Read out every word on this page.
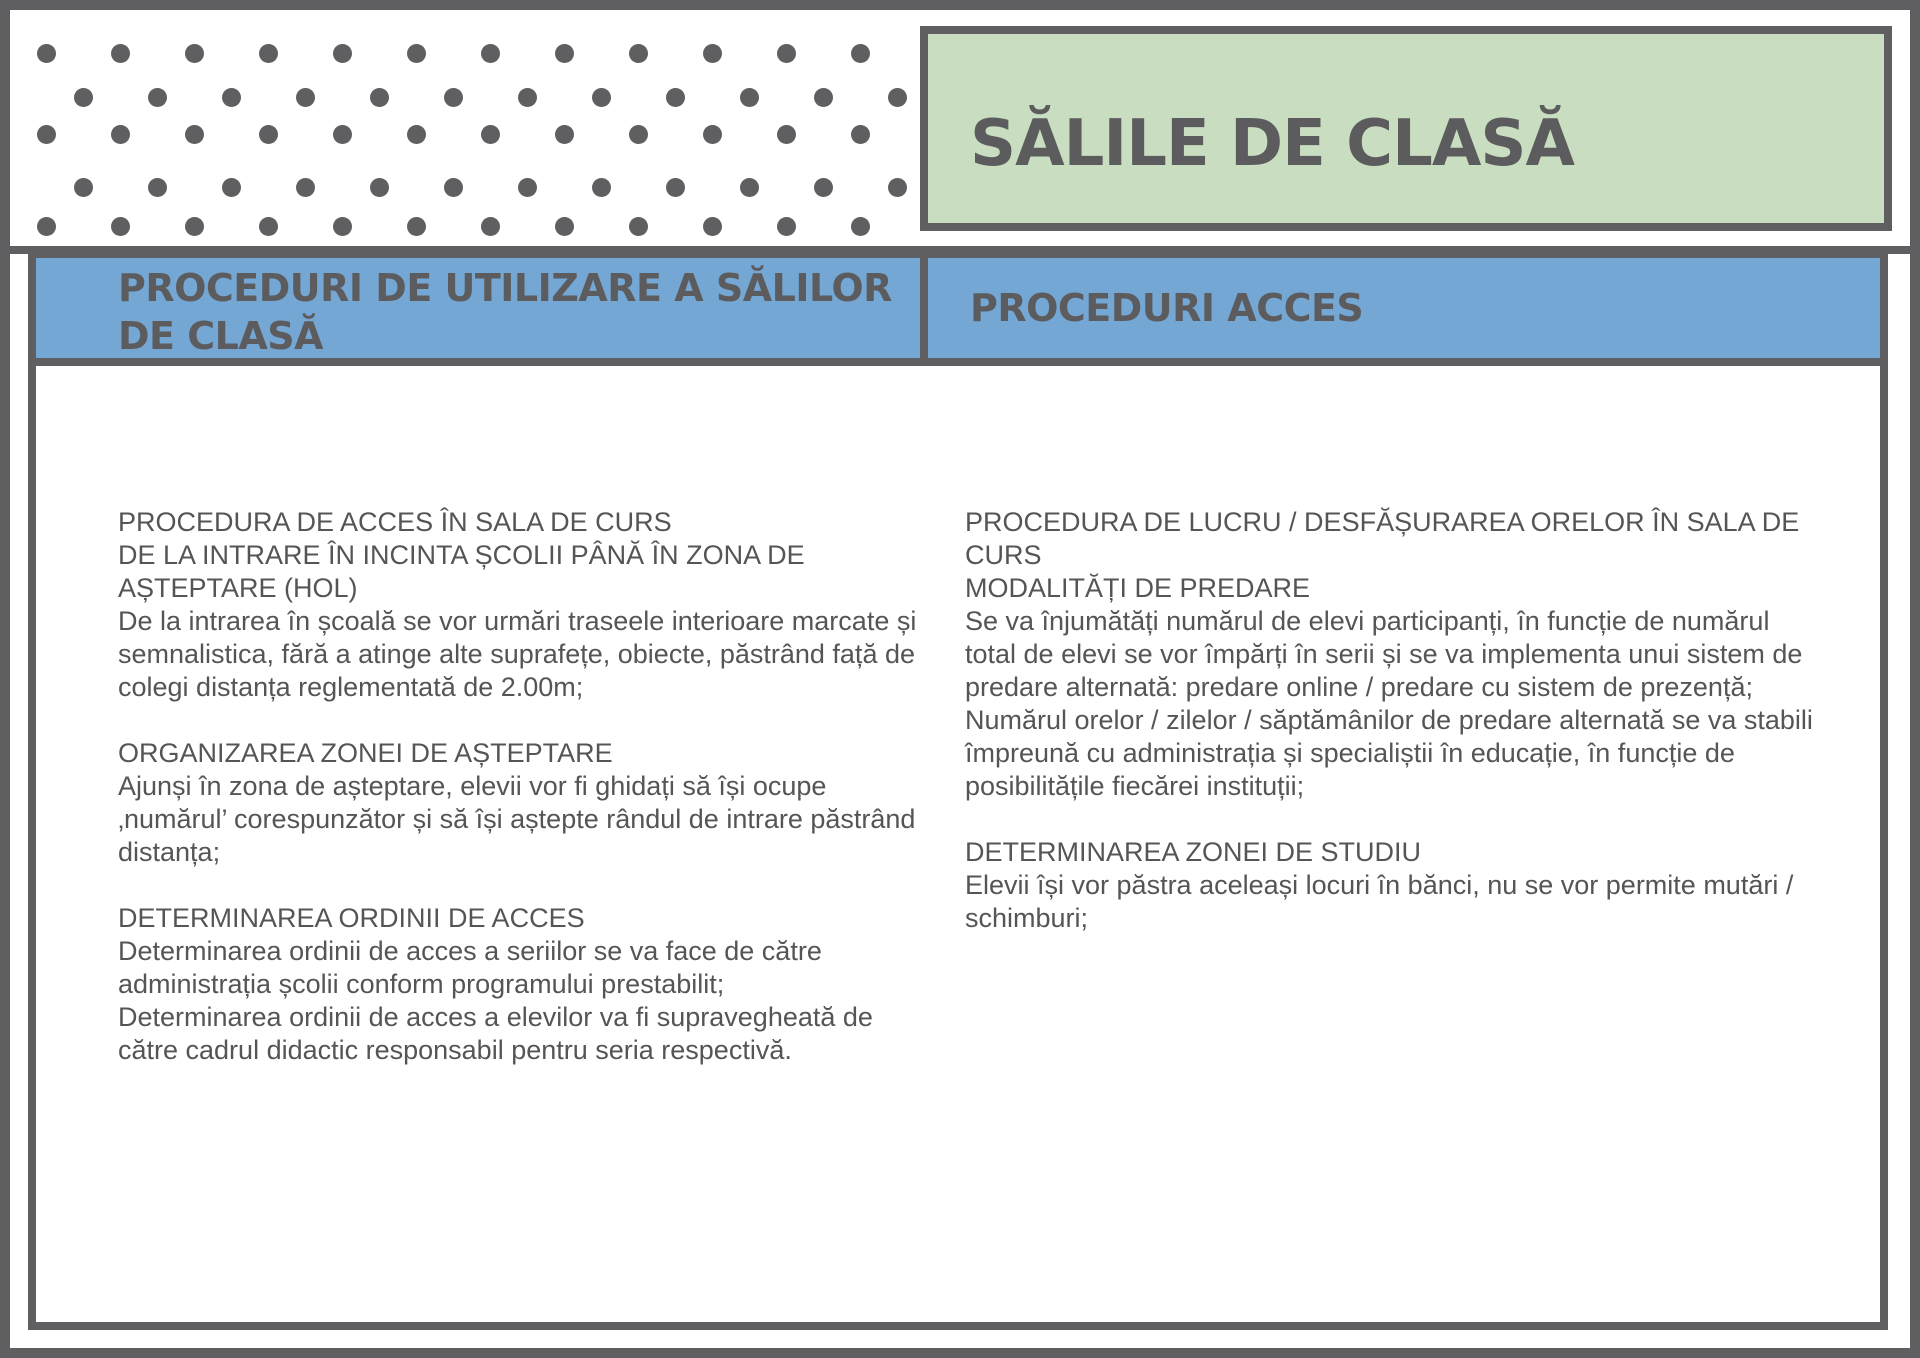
SĂLILE DE CLASĂ
PROCEDURI DE UTILIZARE A SĂLILOR DE CLASĂ
PROCEDURI ACCES
PROCEDURA DE ACCES ÎN SALA DE CURS
DE LA INTRARE ÎN INCINTA ȘCOLII PÂNĂ ÎN ZONA DE AȘTEPTARE (HOL)

De la intrarea în școală se vor urmări traseele interioare marcate și semnalistica, fără a atinge alte suprafețe, obiecte, păstrând față de colegi distanța reglementată de 2.00m;

ORGANIZAREA ZONEI DE AȘTEPTARE

Ajunși în zona de așteptare, elevii vor fi ghidați să își ocupe ‚numărul’ corespunzător și să își aștepte rândul de intrare păstrând distanța;

DETERMINAREA ORDINII DE ACCES

Determinarea ordinii de acces a seriilor se va face de către administrația școlii conform programului prestabilit;

Determinarea ordinii de acces a elevilor va fi supravegheată de către cadrul didactic responsabil pentru seria respectivă.

PROCEDURA DE LUCRU / DESFĂȘURAREA ORELOR ÎN SALA DE CURS
MODALITĂȚI DE PREDARE

Se va înjumătăți numărul de elevi participanți, în funcție de numărul total de elevi se vor împărți în serii și se va implementa unui sistem de predare alternată: predare online / predare cu sistem de prezență;

Numărul orelor / zilelor / săptămânilor de predare alternată se va stabili împreună cu administrația și specialiștii în educație, în funcție de posibilitățile fiecărei instituții;

DETERMINAREA ZONEI DE STUDIU

Elevii își vor păstra aceleași locuri în bănci, nu se vor permite mutări / schimburi;
